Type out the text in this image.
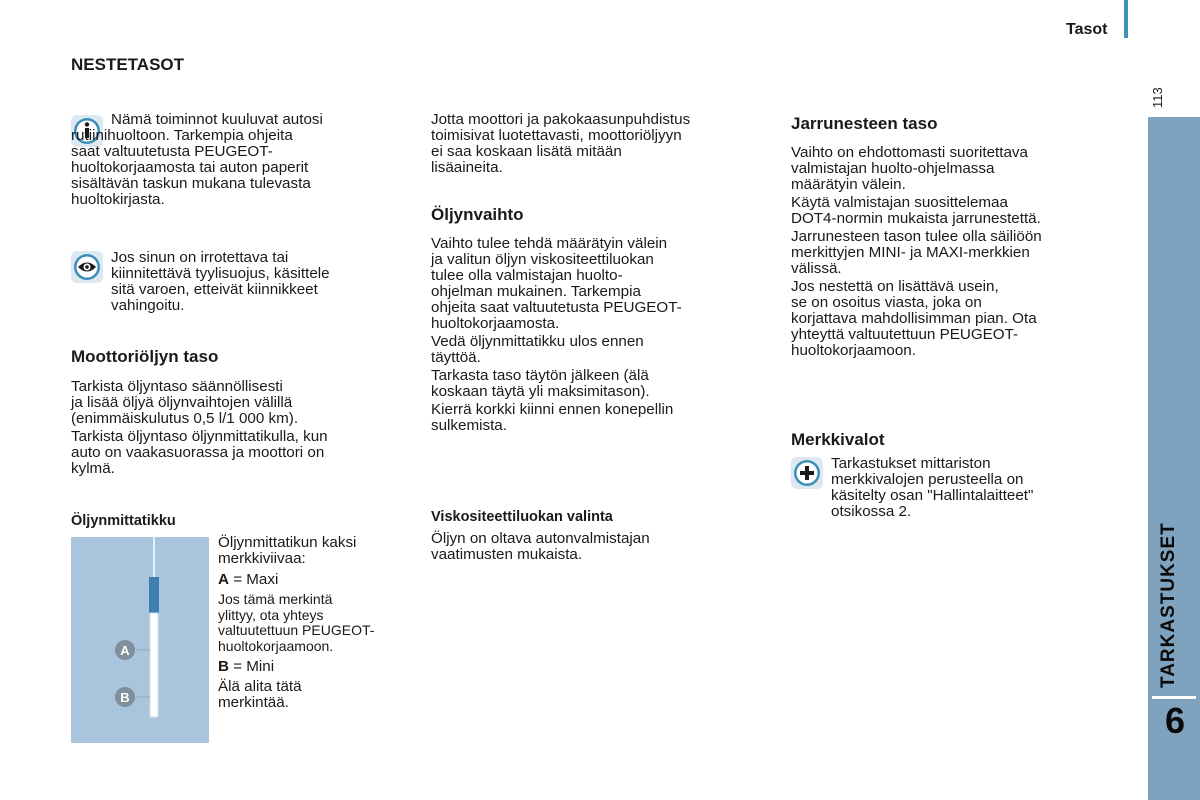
Tasot
113
TARKASTUKSET
6
NESTETASOT

Nämä toiminnot kuuluvat autosi
rutiinihuoltoon. Tarkempia ohjeita
saat valtuutetusta PEUGEOT-
huoltokorjaamosta tai auton paperit
sisältävän taskun mukana tulevasta
huoltokirjasta.

Jos sinun on irrotettava tai
kiinnitettävä tyylisuojus, käsittele
sitä varoen, etteivät kiinnikkeet
vahingoitu.

Moottoriöljyn taso

Tarkista öljyntaso säännöllisesti
ja lisää öljyä öljynvaihtojen välillä
(enimmäiskulutus 0,5 l/1 000 km).

Tarkista öljyntaso öljynmittatikulla, kun
auto on vaakasuorassa ja moottori on
kylmä.

Öljynmittatikku
A
B

Öljynmittatikun kaksi
merkkiviivaa:

A = Maxi

Jos tämä merkintä
ylittyy, ota yhteys
valtuutettuun PEUGEOT-
huoltokorjaamoon.

B = Mini

Älä alita tätä
merkintää.

Jotta moottori ja pakokaasunpuhdistus
toimisivat luotettavasti, moottoriöljyyn
ei saa koskaan lisätä mitään
lisäaineita.

Öljynvaihto

Vaihto tulee tehdä määrätyin välein
ja valitun öljyn viskositeettiluokan
tulee olla valmistajan huolto-
ohjelman mukainen. Tarkempia
ohjeita saat valtuutetusta PEUGEOT-
huoltokorjaamosta.

Vedä öljynmittatikku ulos ennen
täyttöä.

Tarkasta taso täytön jälkeen (älä
koskaan täytä yli maksimitason).

Kierrä korkki kiinni ennen konepellin
sulkemista.

Viskositeettiluokan valinta

Öljyn on oltava autonvalmistajan
vaatimusten mukaista.

Jarrunesteen taso

Vaihto on ehdottomasti suoritettava
valmistajan huolto-ohjelmassa
määrätyin välein.

Käytä valmistajan suosittelemaa
DOT4-normin mukaista jarrunestettä.

Jarrunesteen tason tulee olla säiliöön
merkittyjen MINI- ja MAXI-merkkien
välissä.

Jos nestettä on lisättävä usein,
se on osoitus viasta, joka on
korjattava mahdollisimman pian. Ota
yhteyttä valtuutettuun PEUGEOT-
huoltokorjaamoon.

Merkkivalot

Tarkastukset mittariston
merkkivalojen perusteella on
käsitelty osan "Hallintalaitteet"
otsikossa 2.
